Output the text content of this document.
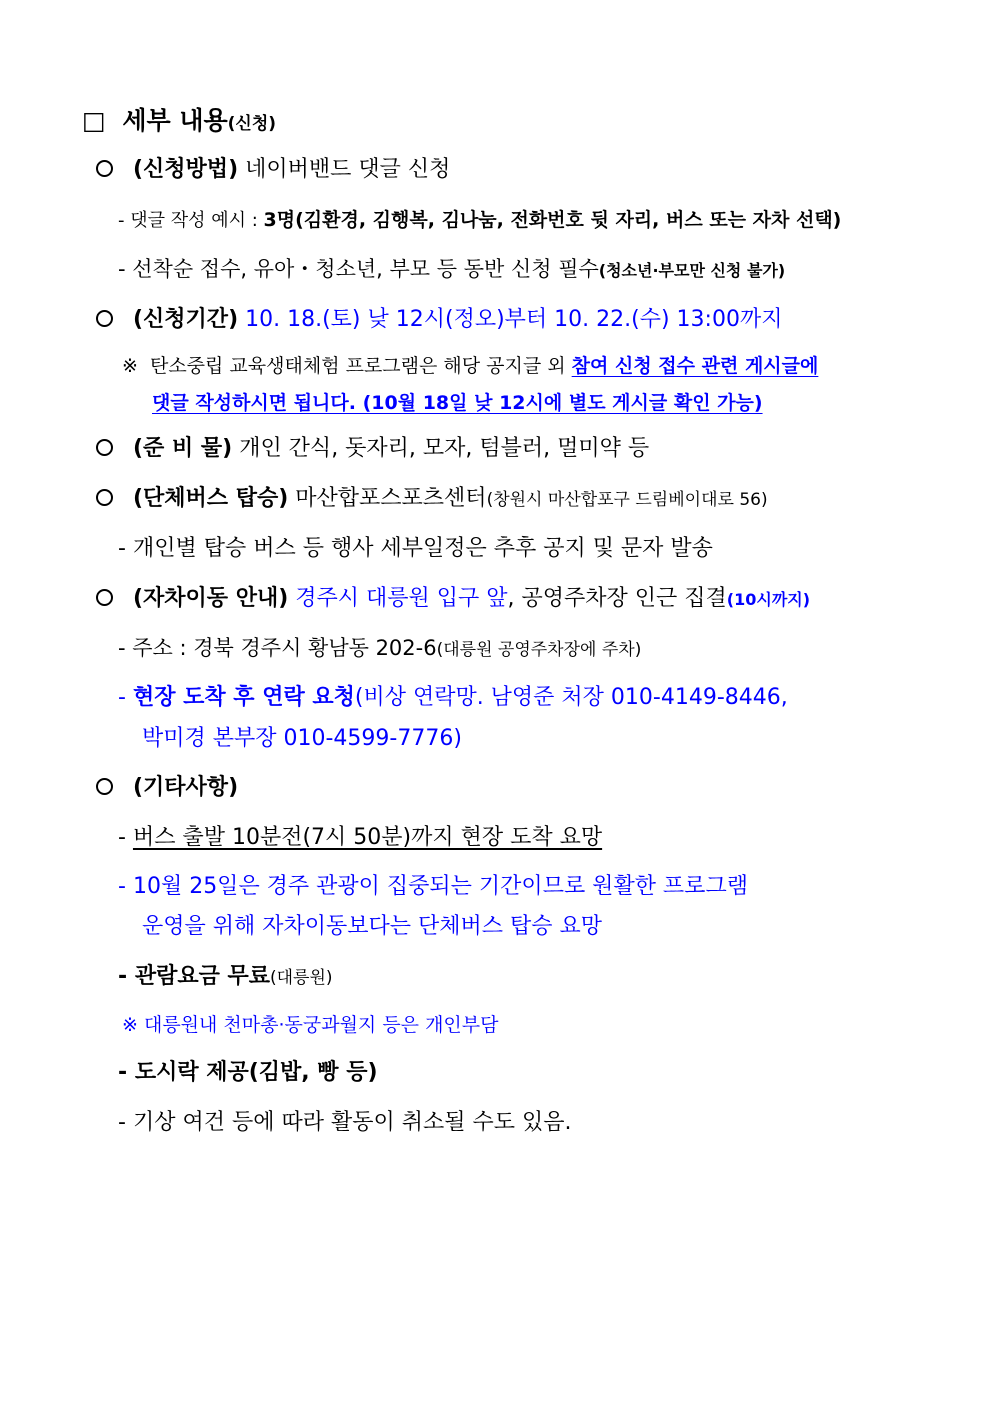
□ 세부 내용(신청)
(신청방법) 네이버밴드 댓글 신청
- 댓글 작성 예시 : 3명(김환경, 김행복, 김나눔, 전화번호 뒷 자리, 버스 또는 자차 선택)
- 선착순 접수, 유아・청소년, 부모 등 동반 신청 필수(청소년·부모만 신청 불가)
(신청기간) 10. 18.(토) 낮 12시(정오)부터 10. 22.(수) 13:00까지
※ 탄소중립 교육생태체험 프로그램은 해당 공지글 외 참여 신청 접수 관련 게시글에
댓글 작성하시면 됩니다. (10월 18일 낮 12시에 별도 게시글 확인 가능)
(준 비 물) 개인 간식, 돗자리, 모자, 텀블러, 멀미약 등
(단체버스 탑승) 마산합포스포츠센터(창원시 마산합포구 드림베이대로 56)
- 개인별 탑승 버스 등 행사 세부일정은 추후 공지 및 문자 발송
(자차이동 안내) 경주시 대릉원 입구 앞, 공영주차장 인근 집결(10시까지)
- 주소 : 경북 경주시 황남동 202-6(대릉원 공영주차장에 주차)
- 현장 도착 후 연락 요청(비상 연락망. 남영준 처장 010-4149-8446,
박미경 본부장 010-4599-7776)
(기타사항)
- 버스 출발 10분전(7시 50분)까지 현장 도착 요망
- 10월 25일은 경주 관광이 집중되는 기간이므로 원활한 프로그램
운영을 위해 자차이동보다는 단체버스 탑승 요망
- 관람요금 무료(대릉원)
※ 대릉원내 천마총·동궁과월지 등은 개인부담
- 도시락 제공(김밥, 빵 등)
- 기상 여건 등에 따라 활동이 취소될 수도 있음.
